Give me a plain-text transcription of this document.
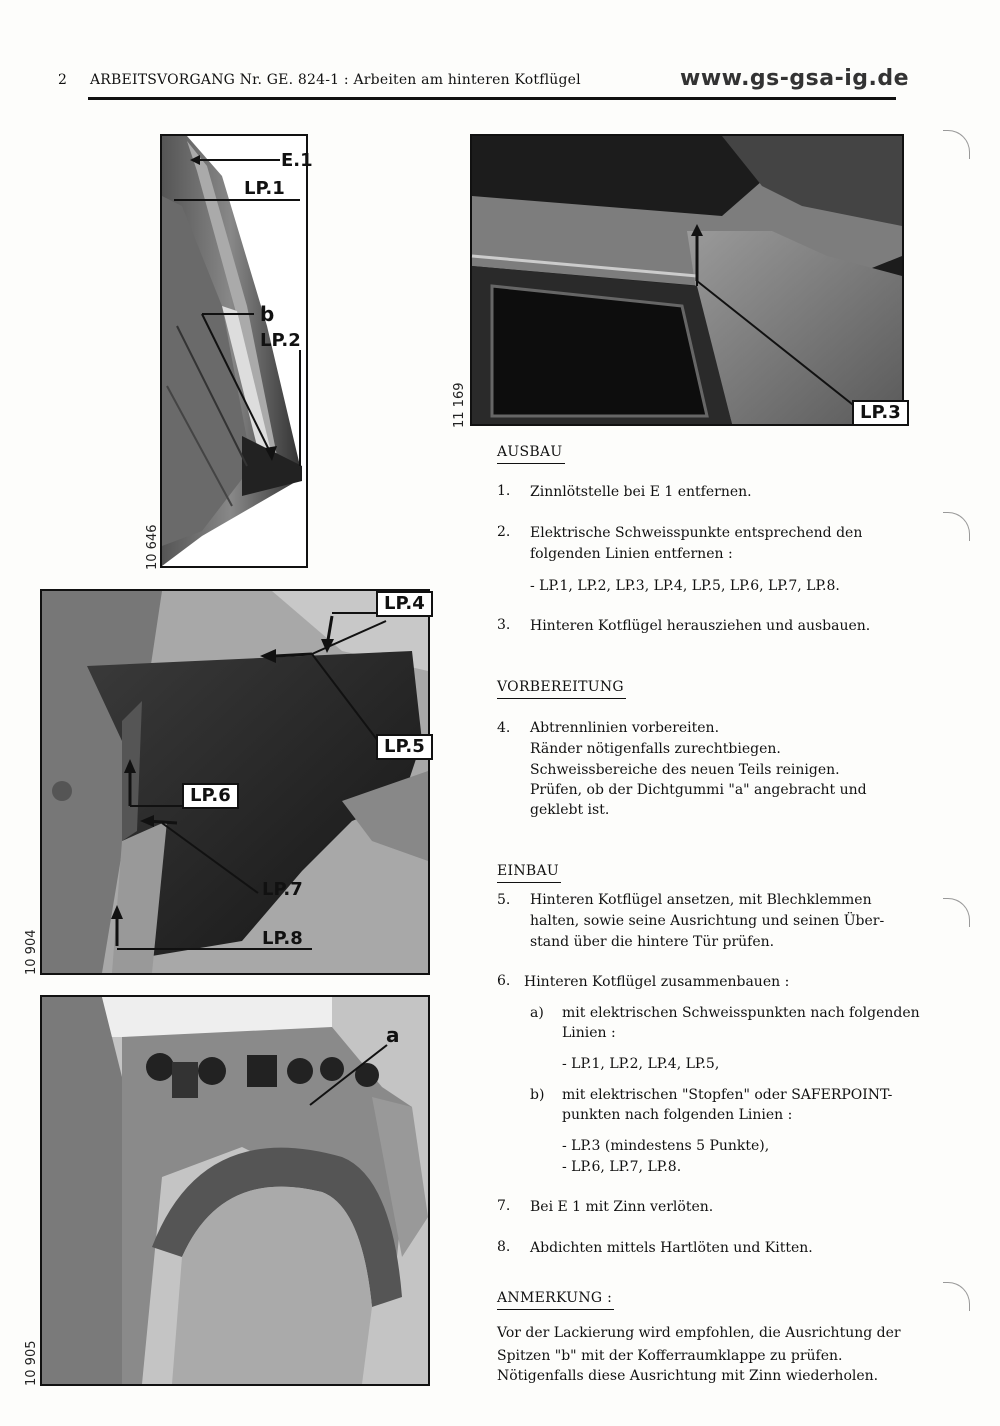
2 ARBEITSVORGANG Nr. GE. 824-1 : Arbeiten am hinteren Kotflügel	www.gs-gsa-ig.de
E.1
LP.1
b
LP.2
10 646
LP.3
11 169
LP.4
LP.5
LP.6
LP.7
LP.8
10 904
a
10 905
AUSBAU
1. Zinnlötstelle bei E 1 entfernen.
2. Elektrische Schweisspunkte entsprechend den
folgenden Linien entfernen :
- LP.1, LP.2, LP.3, LP.4, LP.5, LP.6, LP.7, LP.8.
3. Hinteren Kotflügel herausziehen und ausbauen.
VORBEREITUNG
4. Abtrennlinien vorbereiten.
Ränder nötigenfalls zurechtbiegen.
Schweissbereiche des neuen Teils reinigen.
Prüfen, ob der Dichtgummi "a" angebracht und
geklebt ist.
EINBAU
5. Hinteren Kotflügel ansetzen, mit Blechklemmen
halten, sowie seine Ausrichtung und seinen Über-
stand über die hintere Tür prüfen.
6. Hinteren Kotflügel zusammenbauen :
a) mit elektrischen Schweisspunkten nach folgenden
Linien :
- LP.1, LP.2, LP.4, LP.5,
b) mit elektrischen "Stopfen" oder SAFERPOINT-
punkten nach folgenden Linien :
- LP.3 (mindestens 5 Punkte),
- LP.6, LP.7, LP.8.
7. Bei E 1 mit Zinn verlöten.
8. Abdichten mittels Hartlöten und Kitten.
ANMERKUNG :
Vor der Lackierung wird empfohlen, die Ausrichtung der
Spitzen "b" mit der Kofferraumklappe zu prüfen.
Nötigenfalls diese Ausrichtung mit Zinn wiederholen.
